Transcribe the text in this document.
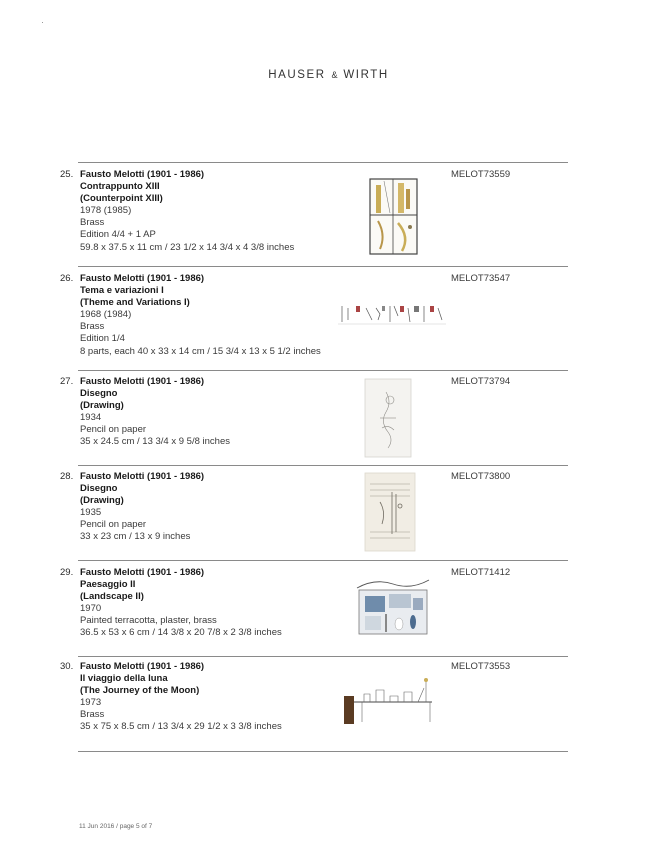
HAUSER & WIRTH
25. Fausto Melotti (1901 - 1986)
Contrappunto XIII
(Counterpoint XIII)
1978 (1985)
Brass
Edition 4/4 + 1 AP
59.8 x 37.5 x 11 cm / 23 1/2 x 14 3/4 x 4 3/8 inches
MELOT73559
26. Fausto Melotti (1901 - 1986)
Tema e variazioni I
(Theme and Variations I)
1968 (1984)
Brass
Edition 1/4
8 parts, each 40 x 33 x 14 cm / 15 3/4 x 13 x 5 1/2 inches
MELOT73547
27. Fausto Melotti (1901 - 1986)
Disegno
(Drawing)
1934
Pencil on paper
35 x 24.5 cm / 13 3/4 x 9 5/8 inches
MELOT73794
28. Fausto Melotti (1901 - 1986)
Disegno
(Drawing)
1935
Pencil on paper
33 x 23 cm / 13 x 9 inches
MELOT73800
29. Fausto Melotti (1901 - 1986)
Paesaggio II
(Landscape II)
1970
Painted terracotta, plaster, brass
36.5 x 53 x 6 cm / 14 3/8 x 20 7/8 x 2 3/8 inches
MELOT71412
30. Fausto Melotti (1901 - 1986)
Il viaggio della luna
(The Journey of the Moon)
1973
Brass
35 x 75 x 8.5 cm / 13 3/4 x 29 1/2 x 3 3/8 inches
MELOT73553
11 Jun 2016 / page 5 of 7
